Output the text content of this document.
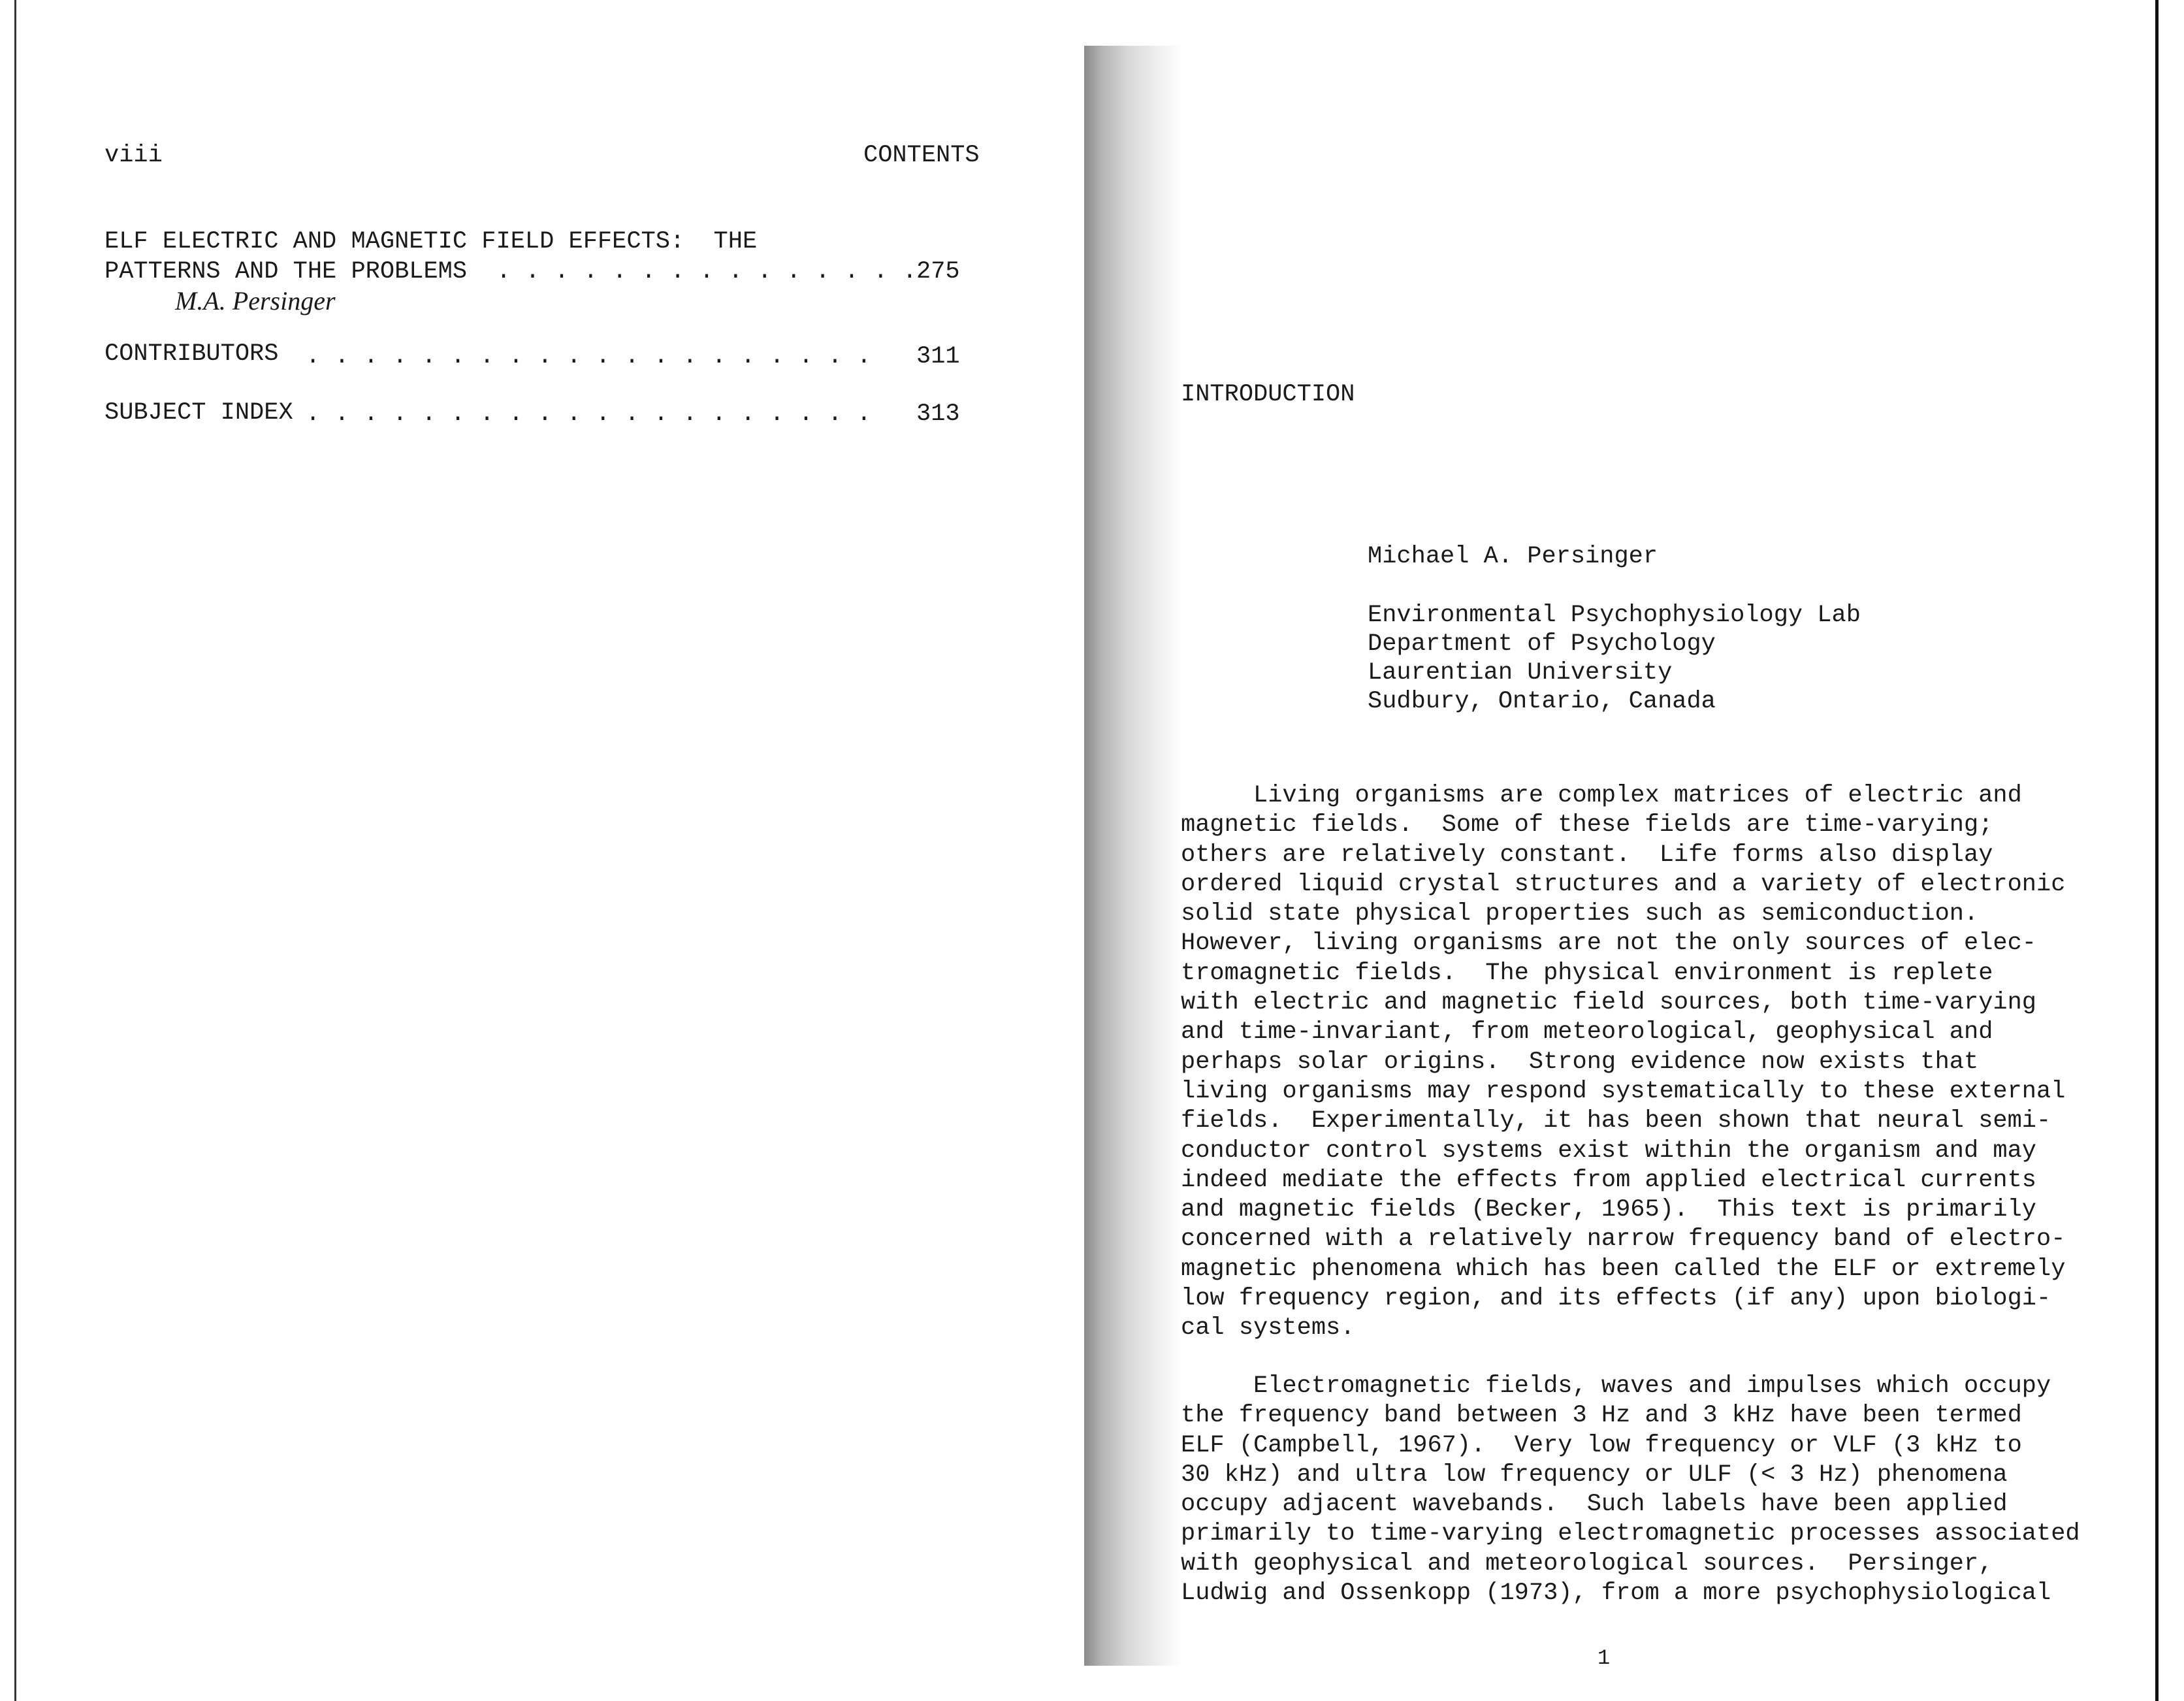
viii	CONTENTS
ELF ELECTRIC AND MAGNETIC FIELD EFFECTS:  THE
PATTERNS AND THE PROBLEMS . . . . . . . . . . . . . . . 275
M.A. Persinger
CONTRIBUTORS . . . . . . . . . . . . . . . . . . . . 311
SUBJECT INDEX . . . . . . . . . . . . . . . . . . . . 313
INTRODUCTION
Michael A. Persinger
Environmental Psychophysiology Lab
Department of Psychology
Laurentian University
Sudbury, Ontario, Canada
Living organisms are complex matrices of electric and
magnetic fields.  Some of these fields are time-varying;
others are relatively constant.  Life forms also display
ordered liquid crystal structures and a variety of electronic
solid state physical properties such as semiconduction.
However, living organisms are not the only sources of elec-
tromagnetic fields.  The physical environment is replete
with electric and magnetic field sources, both time-varying
and time-invariant, from meteorological, geophysical and
perhaps solar origins.  Strong evidence now exists that
living organisms may respond systematically to these external
fields.  Experimentally, it has been shown that neural semi-
conductor control systems exist within the organism and may
indeed mediate the effects from applied electrical currents
and magnetic fields (Becker, 1965).  This text is primarily
concerned with a relatively narrow frequency band of electro-
magnetic phenomena which has been called the ELF or extremely
low frequency region, and its effects (if any) upon biologi-
cal systems.
Electromagnetic fields, waves and impulses which occupy
the frequency band between 3 Hz and 3 kHz have been termed
ELF (Campbell, 1967).  Very low frequency or VLF (3 kHz to
30 kHz) and ultra low frequency or ULF (< 3 Hz) phenomena
occupy adjacent wavebands.  Such labels have been applied
primarily to time-varying electromagnetic processes associated
with geophysical and meteorological sources.  Persinger,
Ludwig and Ossenkopp (1973), from a more psychophysiological
1
